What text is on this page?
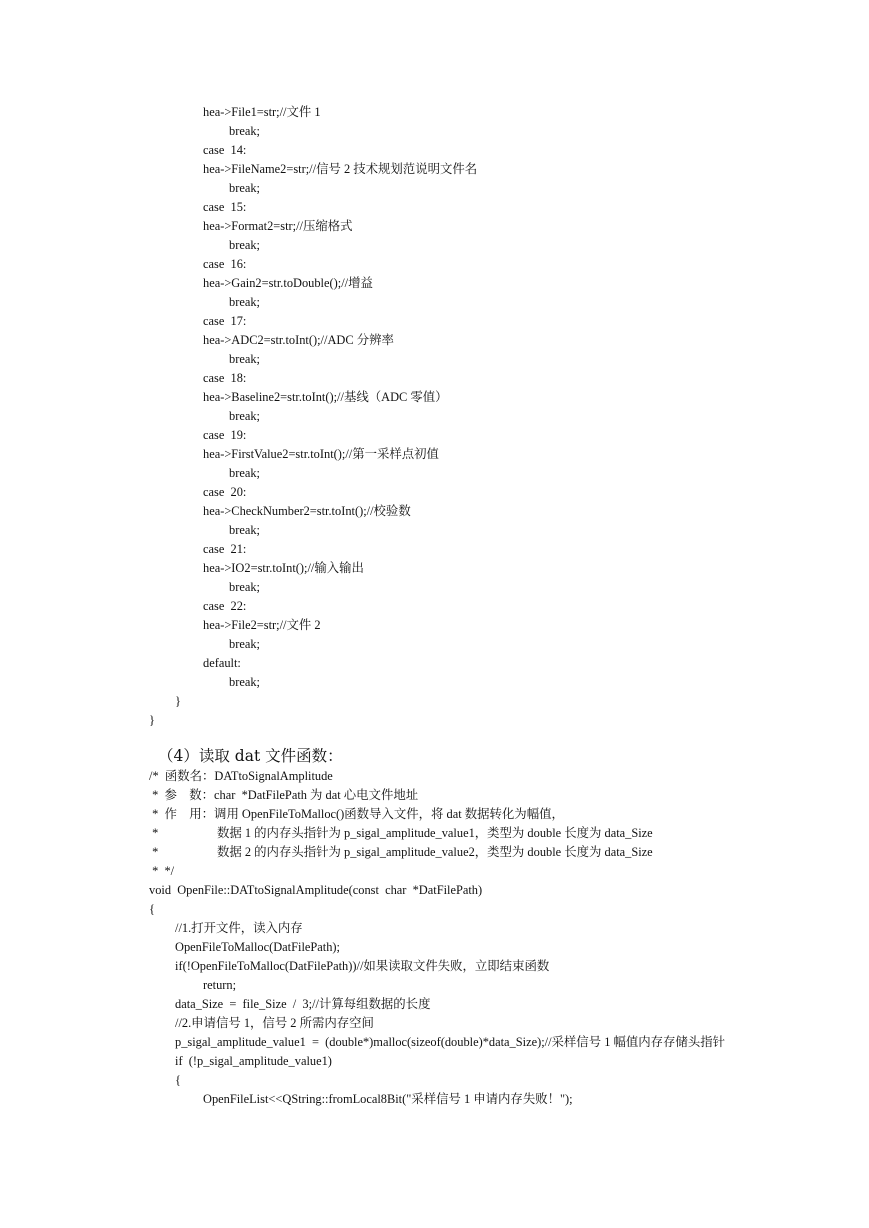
hea->File1=str;//文件 1
break;
case  14:
hea->FileName2=str;//信号 2 技术规划范说明文件名
break;
case  15:
hea->Format2=str;//压缩格式
break;
case  16:
hea->Gain2=str.toDouble();//增益
break;
case  17:
hea->ADC2=str.toInt();//ADC 分辨率
break;
case  18:
hea->Baseline2=str.toInt();//基线（ADC 零值）
break;
case  19:
hea->FirstValue2=str.toInt();//第一采样点初值
break;
case  20:
hea->CheckNumber2=str.toInt();//校验数
break;
case  21:
hea->IO2=str.toInt();//输入输出
break;
case  22:
hea->File2=str;//文件 2
break;
default:
break;
}
}
（4）读取 dat 文件函数：
/*  函数名：DATtoSignalAmplitude
*  参    数：char  *DatFilePath 为 dat 心电文件地址
*  作    用：调用 OpenFileToMalloc()函数导入文件，将 dat 数据转化为幅值，
*	数据 1 的内存头指针为 p_sigal_amplitude_value1，类型为 double 长度为 data_Size
*	数据 2 的内存头指针为 p_sigal_amplitude_value2，类型为 double 长度为 data_Size
*  */
void  OpenFile::DATtoSignalAmplitude(const  char  *DatFilePath)
{
//1.打开文件，读入内存
OpenFileToMalloc(DatFilePath);
if(!OpenFileToMalloc(DatFilePath))//如果读取文件失败，立即结束函数
return;
data_Size  =  file_Size  /  3;//计算每组数据的长度
//2.申请信号 1，信号 2 所需内存空间
p_sigal_amplitude_value1  =  (double*)malloc(sizeof(double)*data_Size);//采样信号 1 幅值内存存储头指针
if  (!p_sigal_amplitude_value1)
{
OpenFileList<<QString::fromLocal8Bit("采样信号 1 申请内存失败！");
